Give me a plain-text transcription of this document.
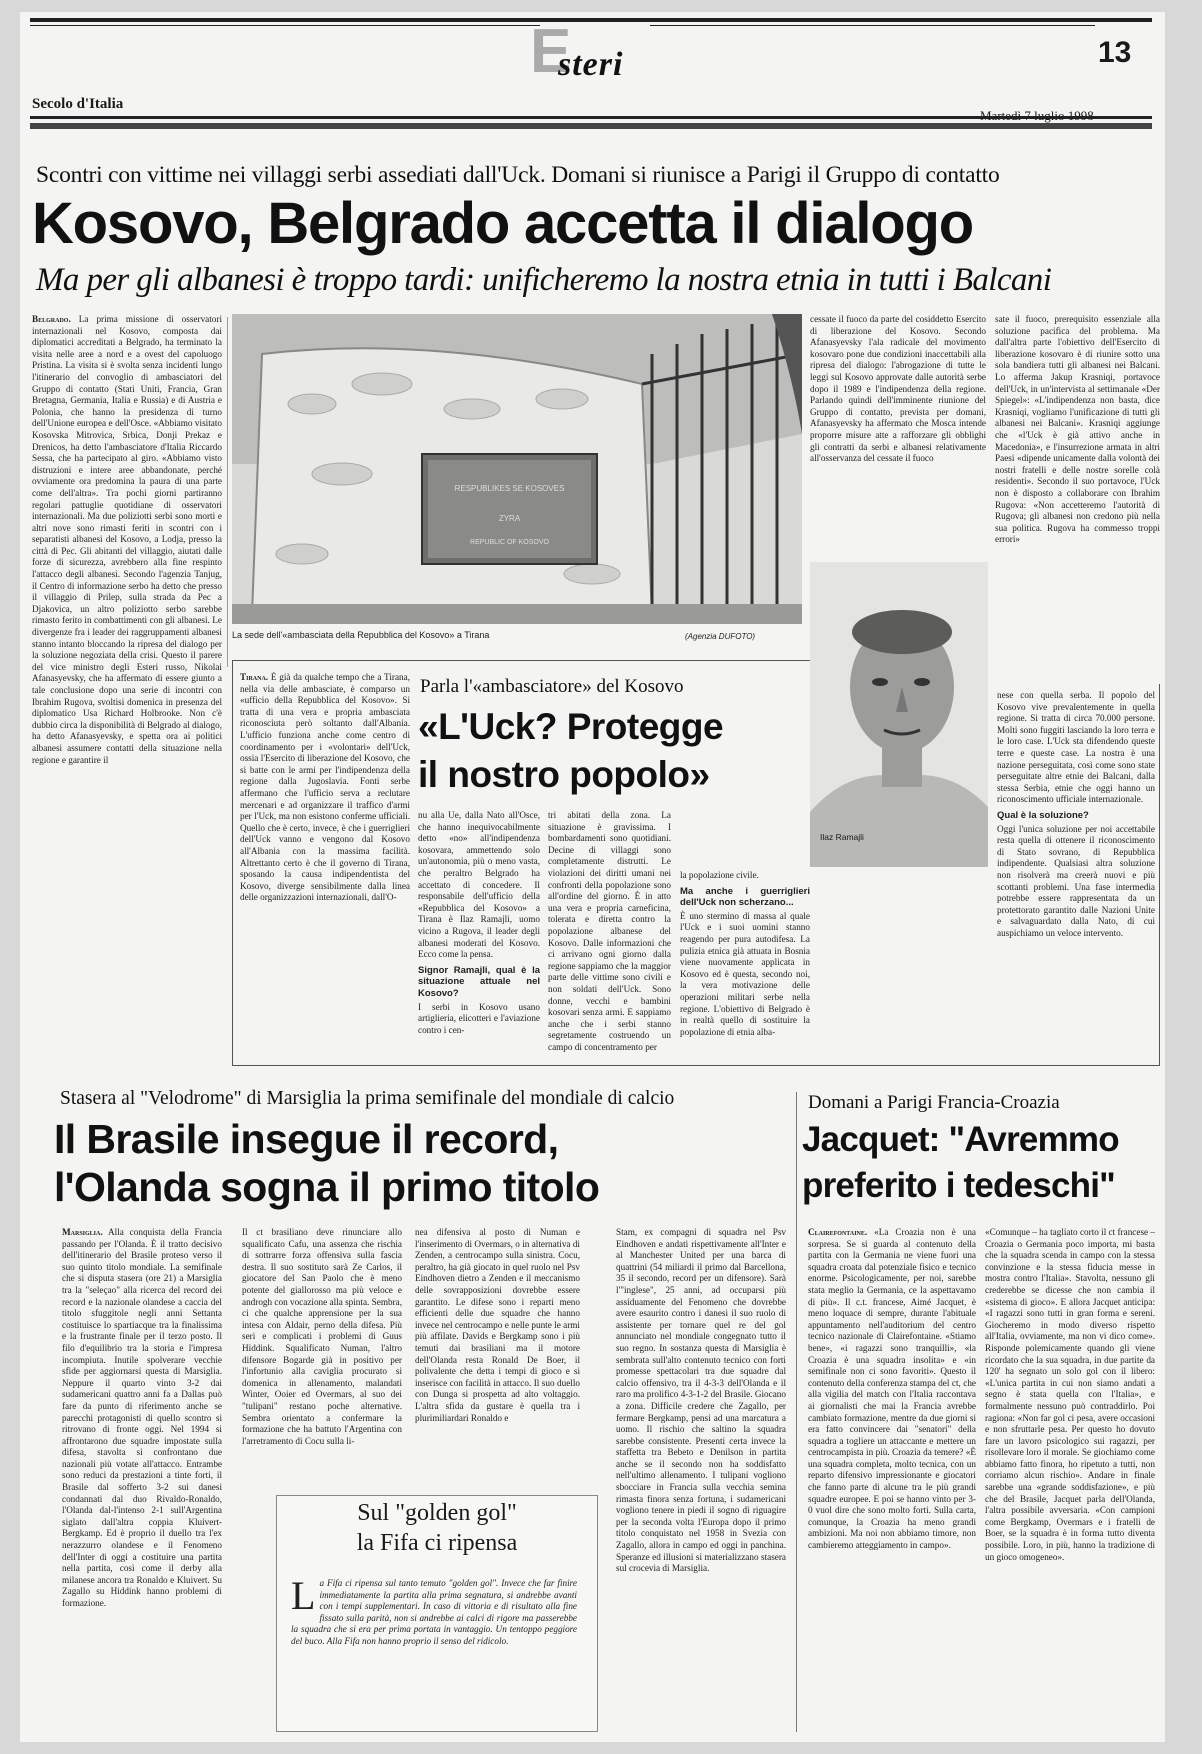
E
steri	13
Secolo d'Italia
Scontri con vittime nei villaggi serbi assediati dall'Uck. Domani si riunisce a Parigi il Gruppo di contatto
Kosovo, Belgrado accetta il dialogo
Ma per gli albanesi è troppo tardi: unificheremo la nostra etnia in tutti i Balcani
Belgrado. La prima missione di osservatori internazionali nel Kosovo, composta dai diplomatici accreditati a Belgrado, ha terminato la visita nelle aree a nord e a ovest del capoluogo Pristina. La visita si è svolta senza incidenti lungo l'itinerario del convoglio di ambasciatori del Gruppo di contatto (Stati Uniti, Francia, Gran Bretagna, Germania, Italia e Russia) e di Austria e Polonia, che hanno la presidenza di turno dell'Unione europea e dell'Osce. «Abbiamo visitato Kosovska Mitrovica, Srbica, Donji Prekaz e Drenicos, ha detto l'ambasciatore d'Italia Riccardo Sessa, che ha partecipato al giro. «Abbiamo visto distruzioni e intere aree abbandonate, perché ovviamente ora predomina la paura di una parte come dell'altra». Tra pochi giorni partiranno regolari pattuglie quotidiane di osservatori internazionali. Ma due poliziotti serbi sono morti e altri nove sono rimasti feriti in scontri con i separatisti albanesi del Kosovo, a Lodja, presso la città di Pec. Gli abitanti del villaggio, aiutati dalle forze di sicurezza, avrebbero alla fine respinto l'attacco degli albanesi. Secondo l'agenzia Tanjug, il Centro di informazione serbo ha detto che presso il villaggio di Prilep, sulla strada da Pec a Djakovica, un altro poliziotto serbo sarebbe rimasto ferito in combattimenti con gli albanesi. Le divergenze fra i leader dei raggruppamenti albanesi stanno intanto bloccando la ripresa del dialogo per la soluzione negoziata della crisi. Questo il parere del vice ministro degli Esteri russo, Nikolai Afanasyevsky, che ha affermato di essere giunto a tale conclusione dopo una serie di incontri con Ibrahim Rugova, svoltisi domenica in presenza del diplomatico Usa Richard Holbrooke. Non c'è dubbio circa la disponibilità di Belgrado al dialogo, ha detto Afanasyevsky, e spetta ora ai politici albanesi assumere contatti della situazione nella regione e garantire il
RESPUBLIKES SE KOSOVES
ZYRA
REPUBLIC OF KOSOVO
La sede dell'«ambasciata della Repubblica del Kosovo» a Tirana	(Agenzia DUFOTO)
cessate il fuoco da parte del cosiddetto Esercito di liberazione del Kosovo. Secondo Afanasyevsky l'ala radicale del movimento kosovaro pone due condizioni inaccettabili alla ripresa del dialogo: l'abrogazione di tutte le leggi sul Kosovo approvate dalle autorità serbe dopo il 1989 e l'indipendenza della regione. Parlando quindi dell'imminente riunione del Gruppo di contatto, prevista per domani, Afanasyevsky ha affermato che Mosca intende proporre misure atte a rafforzare gli obblighi gli contratti da serbi e albanesi relativamente all'osservanza del cessate il fuoco
sate il fuoco, prerequisito essenziale alla soluzione pacifica del problema. Ma dall'altra parte l'obiettivo dell'Esercito di liberazione kosovaro è di riunire sotto una sola bandiera tutti gli albanesi nei Balcani. Lo afferma Jakup Krasniqi, portavoce dell'Uck, in un'intervista al settimanale «Der Spiegel»: «L'indipendenza non basta, dice Krasniqi, vogliamo l'unificazione di tutti gli albanesi nei Balcani». Krasniqi aggiunge che «l'Uck è già attivo anche in Macedonia», e l'insurrezione armata in altri Paesi «dipende unicamente dalla volontà dei nostri fratelli e delle nostre sorelle colà residenti». Secondo il suo portavoce, l'Uck non è disposto a collaborare con Ibrahim Rugova: «Non accetteremo l'autorità di Rugova; gli albanesi non credono più nella sua politica. Rugova ha commesso troppi errori»
Ilaz Ramajli
Parla l'«ambasciatore» del Kosovo
«L'Uck? Protegge
il nostro popolo»
Tirana. È già da qualche tempo che a Tirana, nella via delle ambasciate, è comparso un «ufficio della Repubblica del Kosovo». Si tratta di una vera e propria ambasciata riconosciuta però soltanto dall'Albania. L'ufficio funziona anche come centro di coordinamento per i «volontari» dell'Uck, ossia l'Esercito di liberazione del Kosovo, che si batte con le armi per l'indipendenza della regione dalla Jugoslavia. Fonti serbe affermano che l'ufficio serva a reclutare mercenari e ad organizzare il traffico d'armi per l'Uck, ma non esistono conferme ufficiali. Quello che è certo, invece, è che i guerriglieri dell'Uck vanno e vengono dal Kosovo all'Albania con la massima facilità. Altrettanto certo è che il governo di Tirana, sposando la causa indipendentista del Kosovo, diverge sensibilmente dalla linea delle organizzazioni internazionali, dall'O-
nu alla Ue, dalla Nato all'Osce, che hanno inequivocabilmente detto «no» all'indipendenza kosovara, ammettendo solo un'autonomia, più o meno vasta, che peraltro Belgrado ha accettato di concedere. Il responsabile dell'ufficio della «Repubblica del Kosovo» a Tirana è Ilaz Ramajli, uomo vicino a Rugova, il leader degli albanesi moderati del Kosovo. Ecco come la pensa.
Signor Ramajli, qual è la situazione attuale nel Kosovo?
I serbi in Kosovo usano artiglieria, elicotteri e l'aviazione contro i cen-
tri abitati della zona. La situazione è gravissima. I bombardamenti sono quotidiani. Decine di villaggi sono completamente distrutti. Le violazioni dei diritti umani nei confronti della popolazione sono all'ordine del giorno. È in atto una vera e propria carneficina, tolerata e diretta contro la popolazione albanese del Kosovo. Dalle informazioni che ci arrivano ogni giorno dalla regione sappiamo che la maggior parte delle vittime sono civili e non soldati dell'Uck. Sono donne, vecchi e bambini kosovari senza armi. E sappiamo anche che i serbi stanno segretamente costruendo un campo di concentramento per
la popolazione civile.
Ma anche i guerriglieri dell'Uck non scherzano...
È uno stermino di massa al quale l'Uck e i suoi uomini stanno reagendo per pura autodifesa. La pulizia etnica già attuata in Bosnia viene nuovamente applicata in Kosovo ed è questa, secondo noi, la vera motivazione delle operazioni militari serbe nella regione. L'obiettivo di Belgrado è in realtà quello di sostituire la popolazione di etnia alba-
nese con quella serba. Il popolo del Kosovo vive prevalentemente in quella regione. Si tratta di circa 70.000 persone. Molti sono fuggiti lasciando la loro terra e le loro case. L'Uck sta difendendo queste terre e queste case. La nostra è una nazione perseguitata, così come sono state perseguitate altre etnie dei Balcani, dalla stessa Serbia, etnie che oggi hanno un riconoscimento ufficiale internazionale.
Qual è la soluzione?
Oggi l'unica soluzione per noi accettabile resta quella di ottenere il riconoscimento di Stato sovrano, di Repubblica indipendente. Qualsiasi altra soluzione non risolverà ma creerà nuovi e più scottanti problemi. Una fase intermedia potrebbe essere rappresentata da un protettorato garantito dalle Nazioni Unite e salvaguardato dalla Nato, di cui auspichiamo un veloce intervento.
Stasera al "Velodrome" di Marsiglia la prima semifinale del mondiale di calcio
Il Brasile insegue il record,
l'Olanda sogna il primo titolo
Marsiglia. Alla conquista della Francia passando per l'Olanda. È il tratto decisivo dell'itinerario del Brasile proteso verso il suo quinto titolo mondiale. La semifinale che si disputa stasera (ore 21) a Marsiglia tra la "seleçao" alla ricerca del record dei record e la nazionale olandese a caccia del titolo sfuggitole negli anni Settanta costituisce lo spartiacque tra la finalissima e la frustrante finale per il terzo posto. Il filo d'equilibrio tra la storia e l'impresa incompiuta. Inutile spolverare vecchie sfide per aggiornarsi questa di Marsiglia. Neppure il quarto vinto 3-2 dai sudamericani quattro anni fa a Dallas può fare da punto di riferimento anche se parecchi protagonisti di quello scontro si ritrovano di fronte oggi. Nel 1994 si affrontarono due squadre impostate sulla difesa, stavolta si confrontano due nazionali più votate all'attacco. Entrambe sono reduci da prestazioni a tinte forti, il Brasile dal sofferto 3-2 sui danesi condannati dal duo Rivaldo-Ronaldo, l'Olanda dal-l'intenso 2-1 sull'Argentina siglato dall'altra coppia Kluivert-Bergkamp. Ed è proprio il duello tra l'ex nerazzurro olandese e il Fenomeno dell'Inter di oggi a costituire una partita nella partita, così come il derby alla milanese ancora tra Ronaldo e Kluivert. Su Zagallo su Hiddink hanno problemi di formazione.
Il ct brasiliano deve rinunciare allo squalificato Cafu, una assenza che rischia di sottrarre forza offensiva sulla fascia destra. Il suo sostituto sarà Ze Carlos, il giocatore del San Paolo che è meno potente del giallorosso ma più veloce e androgh con vocazione alla spinta. Sembra, ci che qualche apprensione per la sua intesa con Aldair, perno della difesa. Più seri e complicati i problemi di Guus Hiddink. Squalificato Numan, l'altro difensore Bogarde già in positivo per l'infortunio alla caviglia procurato si domenica in allenamento, malandati Winter, Ooier ed Overmars, al suo dei "tulipani" restano poche alternative. Sembra orientato a confermare la formazione che ha battuto l'Argentina con l'arretramento di Cocu sulla li-
nea difensiva al posto di Numan e l'inserimento di Overmars, o in alternativa di Zenden, a centrocampo sulla sinistra. Cocu, peraltro, ha già giocato in quel ruolo nel Psv Eindhoven dietro a Zenden e il meccanismo delle sovrapposizioni dovrebbe essere garantito. Le difese sono i reparti meno efficienti delle due squadre che hanno invece nel centrocampo e nelle punte le armi più affilate. Davids e Bergkamp sono i più temuti dai brasiliani ma il motore dell'Olanda resta Ronald De Boer, il polivalente che detta i tempi di gioco e si inserisce con facilità in attacco. Il suo duello con Dunga si prospetta ad alto voltaggio. L'altra sfida da gustare è quella tra i plurimiliardari Ronaldo e
Stam, ex compagni di squadra nel Psv Eindhoven e andati rispettivamente all'Inter e al Manchester United per una barca di quattrini (54 miliardi il primo dal Barcellona, 35 il secondo, record per un difensore). Sarà l'"inglese", 25 anni, ad occuparsi più assiduamente del Fenomeno che dovrebbe avere esaurito contro i danesi il suo ruolo di assistente per tornare quel re del gol annunciato nel mondiale congegnato tutto il suo regno. In sostanza questa di Marsiglia è sembrata sull'alto contenuto tecnico con forti promesse spettacolari tra due squadre dal calcio offensivo, tra il 4-3-3 dell'Olanda e il raro ma prolifico 4-3-1-2 del Brasile. Giocano a zona. Difficile credere che Zagallo, per fermare Bergkamp, pensi ad una marcatura a uomo. Il rischio che saltino la squadra sarebbe consistente. Presenti certa invece la staffetta tra Bebeto e Denilson in partita anche se il secondo non ha soddisfatto nell'ultimo allenamento. I tulipani vogliono sbocciare in Francia sulla vecchia semina rimasta finora senza fortuna, i sudamericani vogliono tenere in piedi il sogno di riguagire per la seconda volta l'Europa dopo il primo titolo conquistato nel 1958 in Svezia con Zagallo, allora in campo ed oggi in panchina. Speranze ed illusioni si materializzano stasera sul crocevia di Marsiglia.
Sul "golden gol"
la Fifa ci ripensa
L a Fifa ci ripensa sul tanto temuto "golden gol". Invece che far finire immediatamente la partita alla prima segnatura, si andrebbe avanti con i tempi supplementari. In caso di vittoria e di risultato alla fine fissato sulla parità, non si andrebbe ai calci di rigore ma passerebbe la squadra che si era per prima portata in vantaggio. Un tentoppo peggiore del buco. Alla Fifa non hanno proprio il senso del ridicolo.
Domani a Parigi Francia-Croazia
Jacquet: "Avremmo
preferito i tedeschi"
Clairefontaine. «La Croazia non è una sorpresa. Se si guarda al contenuto della partita con la Germania ne viene fuori una squadra croata dal potenziale fisico e tecnico enorme. Psicologicamente, per noi, sarebbe stata meglio la Germania, ce la aspettavamo di più». Il c.t. francese, Aimé Jacquet, è meno loquace di sempre, durante l'abituale appuntamento nell'auditorium del centro tecnico nazionale di Clairefontaine. «Stiamo bene», «i ragazzi sono tranquilli», «la Croazia è una squadra insolita» e «in semifinale non ci sono favoriti». Questo il contenuto della conferenza stampa del ct, che alla vigilia del match con l'Italia raccontava ai giornalisti che mai la Francia avrebbe cambiato formazione, mentre da due giorni si era fatto convincere dai "senatori" della squadra a togliere un attaccante e mettere un centrocampista in più. Croazia da temere? «È una squadra completa, molto tecnica, con un reparto difensivo impressionante e giocatori che fanno parte di alcune tra le più grandi squadre europee. E poi se hanno vinto per 3-0 vuol dire che sono molto forti. Sulla carta, comunque, la Croazia ha meno grandi ambizioni. Ma noi non abbiamo timore, non cambieremo atteggiamento in campo».
«Comunque – ha tagliato corto il ct francese – Croazia o Germania poco importa, mi basta che la squadra scenda in campo con la stessa convinzione e la stessa fiducia messe in mostra contro l'Italia». Stavolta, nessuno gli crederebbe se dicesse che non cambia il «sistema di gioco». E allora Jacquet anticipa: «I ragazzi sono tutti in gran forma e sereni. Giocheremo in modo diverso rispetto all'Italia, ovviamente, ma non vi dico come». Risponde polemicamente quando gli viene ricordato che la sua squadra, in due partite da 120' ha segnato un solo gol con il libero: «L'unica partita in cui non siamo andati a segno è stata quella con l'Italia», e formalmente nessuno può contraddirlo. Poi ragiona: «Non far gol ci pesa, avere occasioni e non sfruttarle pesa. Per questo ho dovuto fare un lavoro psicologico sui ragazzi, per risollevare loro il morale. Se giochiamo come abbiamo fatto finora, ho ripetuto a tutti, non corriamo alcun rischio». Andare in finale sarebbe una «grande soddisfazione», e più che del Brasile, Jacquet parla dell'Olanda, l'altra possibile avversaria. «Con campioni come Bergkamp, Overmars e i fratelli de Boer, se la squadra è in forma tutto diventa possibile. Loro, in più, hanno la tradizione di un gioco omogeneo».
